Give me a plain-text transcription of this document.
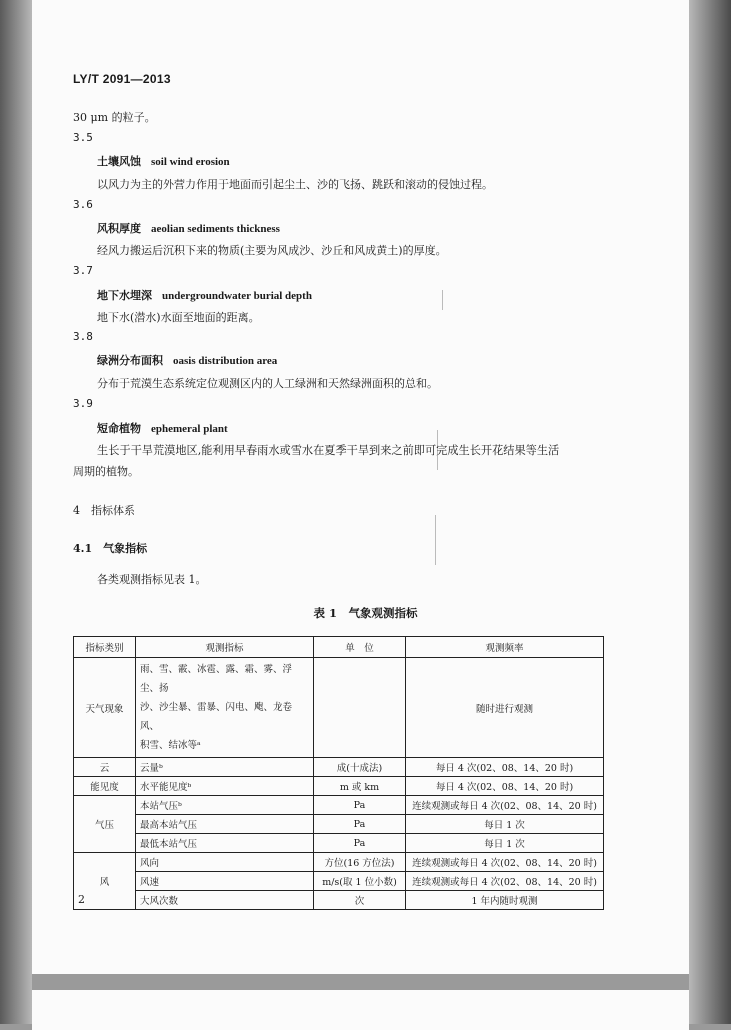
LY/T 2091—2013
30 μm 的粒子。
3.5
土壤风蚀 soil wind erosion
以风力为主的外营力作用于地面而引起尘土、沙的飞扬、跳跃和滚动的侵蚀过程。
3.6
风积厚度 aeolian sediments thickness
经风力搬运后沉积下来的物质(主要为风成沙、沙丘和风成黄土)的厚度。
3.7
地下水埋深 undergroundwater burial depth
地下水(潜水)水面至地面的距离。
3.8
绿洲分布面积 oasis distribution area
分布于荒漠生态系统定位观测区内的人工绿洲和天然绿洲面积的总和。
3.9
短命植物 ephemeral plant
生长于干旱荒漠地区,能利用早春雨水或雪水在夏季干旱到来之前即可完成生长开花结果等生活
周期的植物。
4　指标体系
4.1　气象指标
各类观测指标见表 1。
表 1　气象观测指标
指标类别	观测指标	单　位	观测频率
天气现象	雨、雪、霰、冰雹、露、霜、雾、浮尘、扬
沙、沙尘暴、雷暴、闪电、飑、龙卷风、
积雪、结冰等ᵃ		随时进行观测
云	云量ᵇ	成(十成法)	每日 4 次(02、08、14、20 时)
能见度	水平能见度ᵇ	m 或 km	每日 4 次(02、08、14、20 时)
气压	本站气压ᵇ	Pa	连续观测或每日 4 次(02、08、14、20 时)
	最高本站气压	Pa	每日 1 次
	最低本站气压	Pa	每日 1 次
风	风向	方位(16 方位法)	连续观测或每日 4 次(02、08、14、20 时)
	风速	m/s(取 1 位小数)	连续观测或每日 4 次(02、08、14、20 时)
	大风次数	次	1 年内随时观测
2
